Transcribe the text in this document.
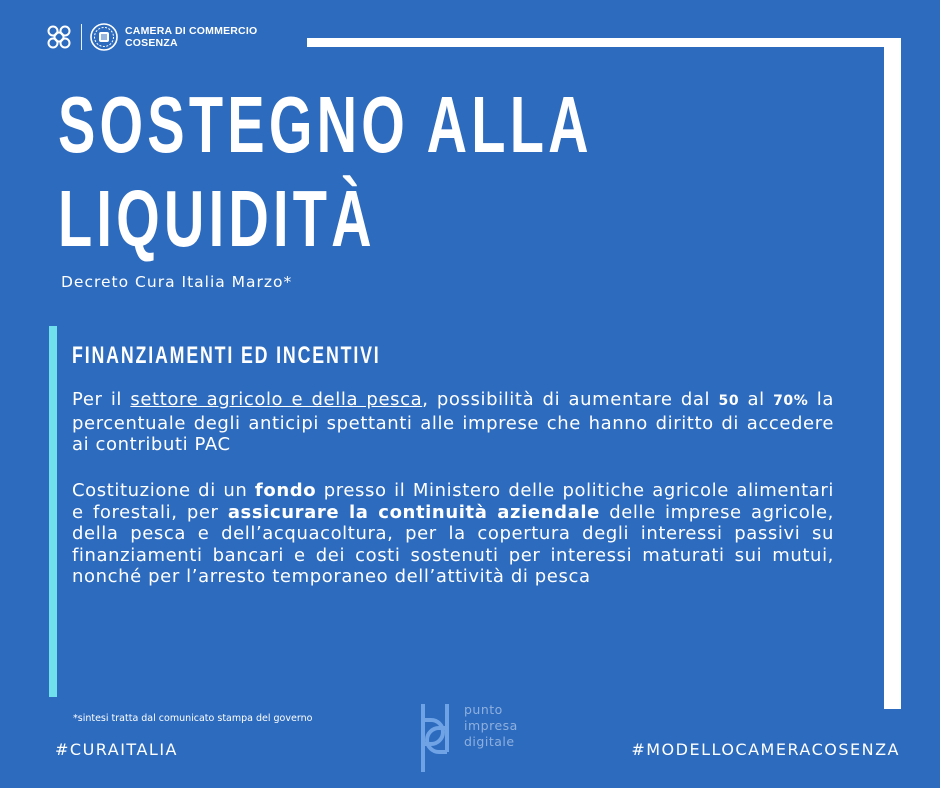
CAMERA DI COMMERCIO
COSENZA
SOSTEGNO ALLA
LIQUIDITÀ
Decreto Cura Italia Marzo*
FINANZIAMENTI ED INCENTIVI

Per il settore agricolo e della pesca, possibilità di aumentare dal 50 al 70% la percentuale degli anticipi spettanti alle imprese che hanno diritto di accedere ai contributi PAC

Costituzione di un fondo presso il Ministero delle politiche agricole alimentari e forestali, per assicurare la continuità aziendale delle imprese agricole, della pesca e dell’acquacoltura, per la copertura degli interessi passivi su finanziamenti bancari e dei costi sostenuti per interessi maturati sui mutui, nonché per l’arresto temporaneo dell’attività di pesca

*sintesi tratta dal comunicato stampa del governo
punto
impresa
digitale
#CURAITALIA	#MODELLOCAMERACOSENZA
